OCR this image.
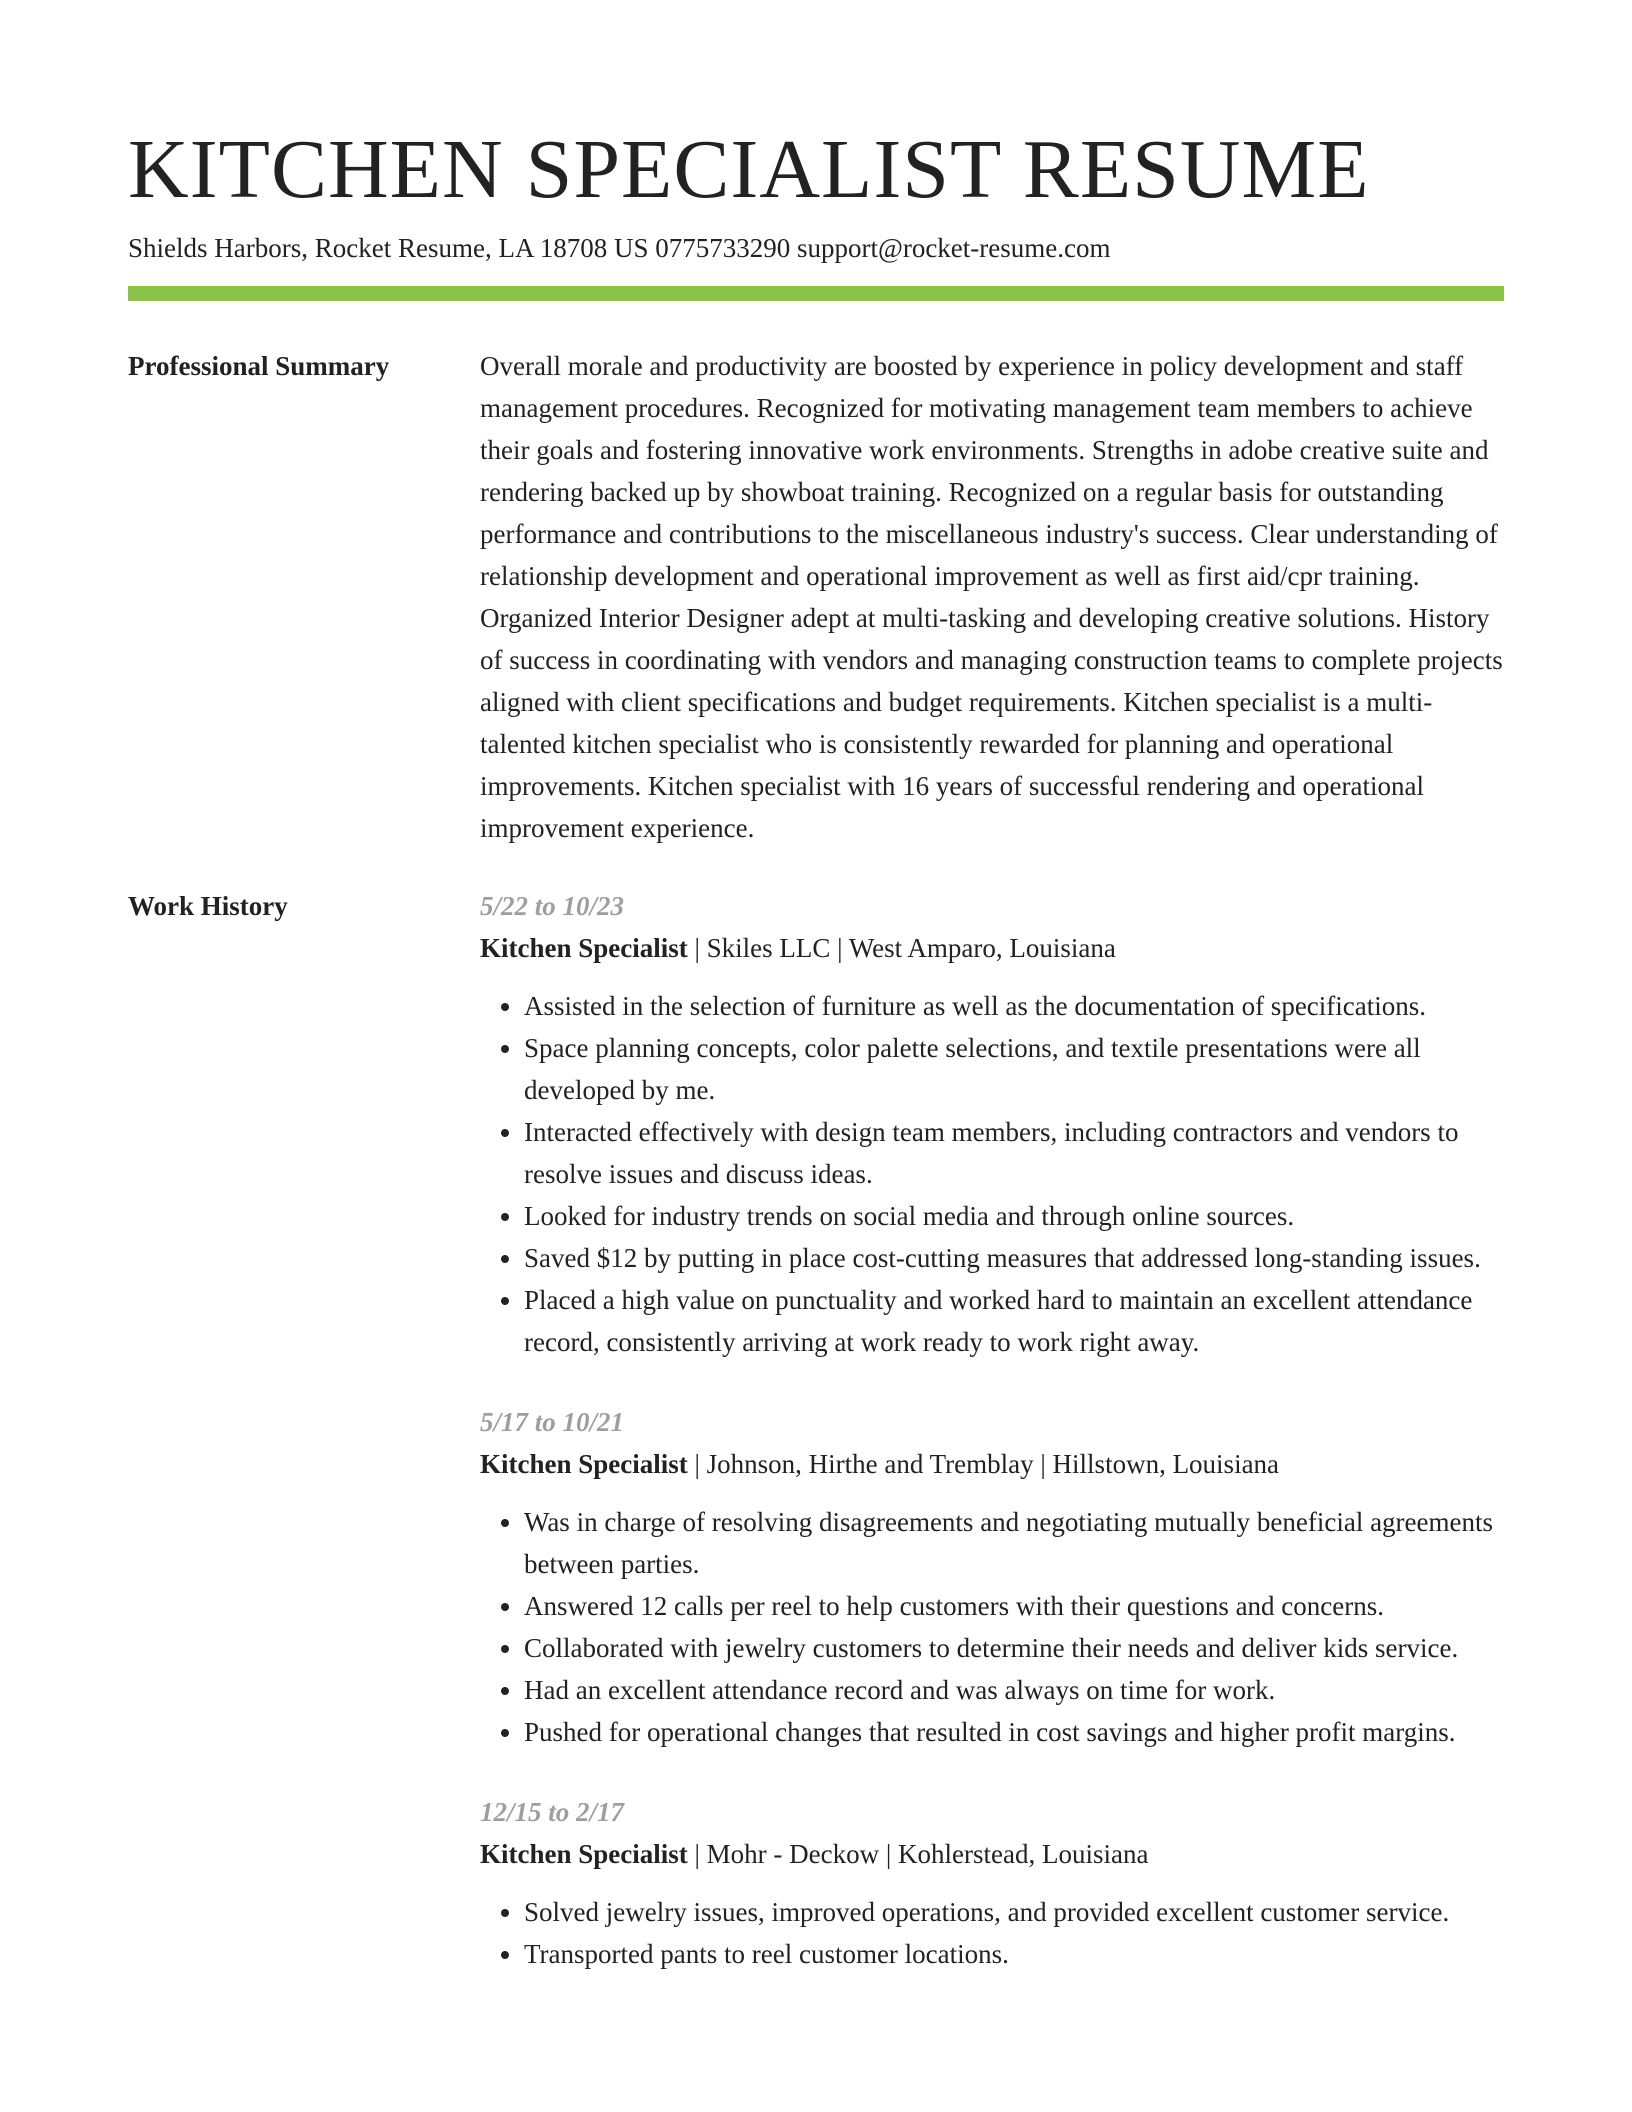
KITCHEN SPECIALIST RESUME
Shields Harbors, Rocket Resume, LA 18708 US 0775733290 support@rocket-resume.com
Professional Summary	Overall morale and productivity are boosted by experience in policy development and staff management procedures. Recognized for motivating management team members to achieve their goals and fostering innovative work environments. Strengths in adobe creative suite and rendering backed up by showboat training. Recognized on a regular basis for outstanding performance and contributions to the miscellaneous industry's success. Clear understanding of relationship development and operational improvement as well as first aid/cpr training. Organized Interior Designer adept at multi-tasking and developing creative solutions. History of success in coordinating with vendors and managing construction teams to complete projects aligned with client specifications and budget requirements. Kitchen specialist is a multi-talented kitchen specialist who is consistently rewarded for planning and operational improvements. Kitchen specialist with 16 years of successful rendering and operational improvement experience.

Work History	5/22 to 10/23
Kitchen Specialist | Skiles LLC | West Amparo, Louisiana
• Assisted in the selection of furniture as well as the documentation of specifications.
• Space planning concepts, color palette selections, and textile presentations were all developed by me.
• Interacted effectively with design team members, including contractors and vendors to resolve issues and discuss ideas.
• Looked for industry trends on social media and through online sources.
• Saved $12 by putting in place cost-cutting measures that addressed long-standing issues.
• Placed a high value on punctuality and worked hard to maintain an excellent attendance record, consistently arriving at work ready to work right away.
5/17 to 10/21
Kitchen Specialist | Johnson, Hirthe and Tremblay | Hillstown, Louisiana
• Was in charge of resolving disagreements and negotiating mutually beneficial agreements between parties.
• Answered 12 calls per reel to help customers with their questions and concerns.
• Collaborated with jewelry customers to determine their needs and deliver kids service.
• Had an excellent attendance record and was always on time for work.
• Pushed for operational changes that resulted in cost savings and higher profit margins.
12/15 to 2/17
Kitchen Specialist | Mohr - Deckow | Kohlerstead, Louisiana
• Solved jewelry issues, improved operations, and provided excellent customer service.
• Transported pants to reel customer locations.
